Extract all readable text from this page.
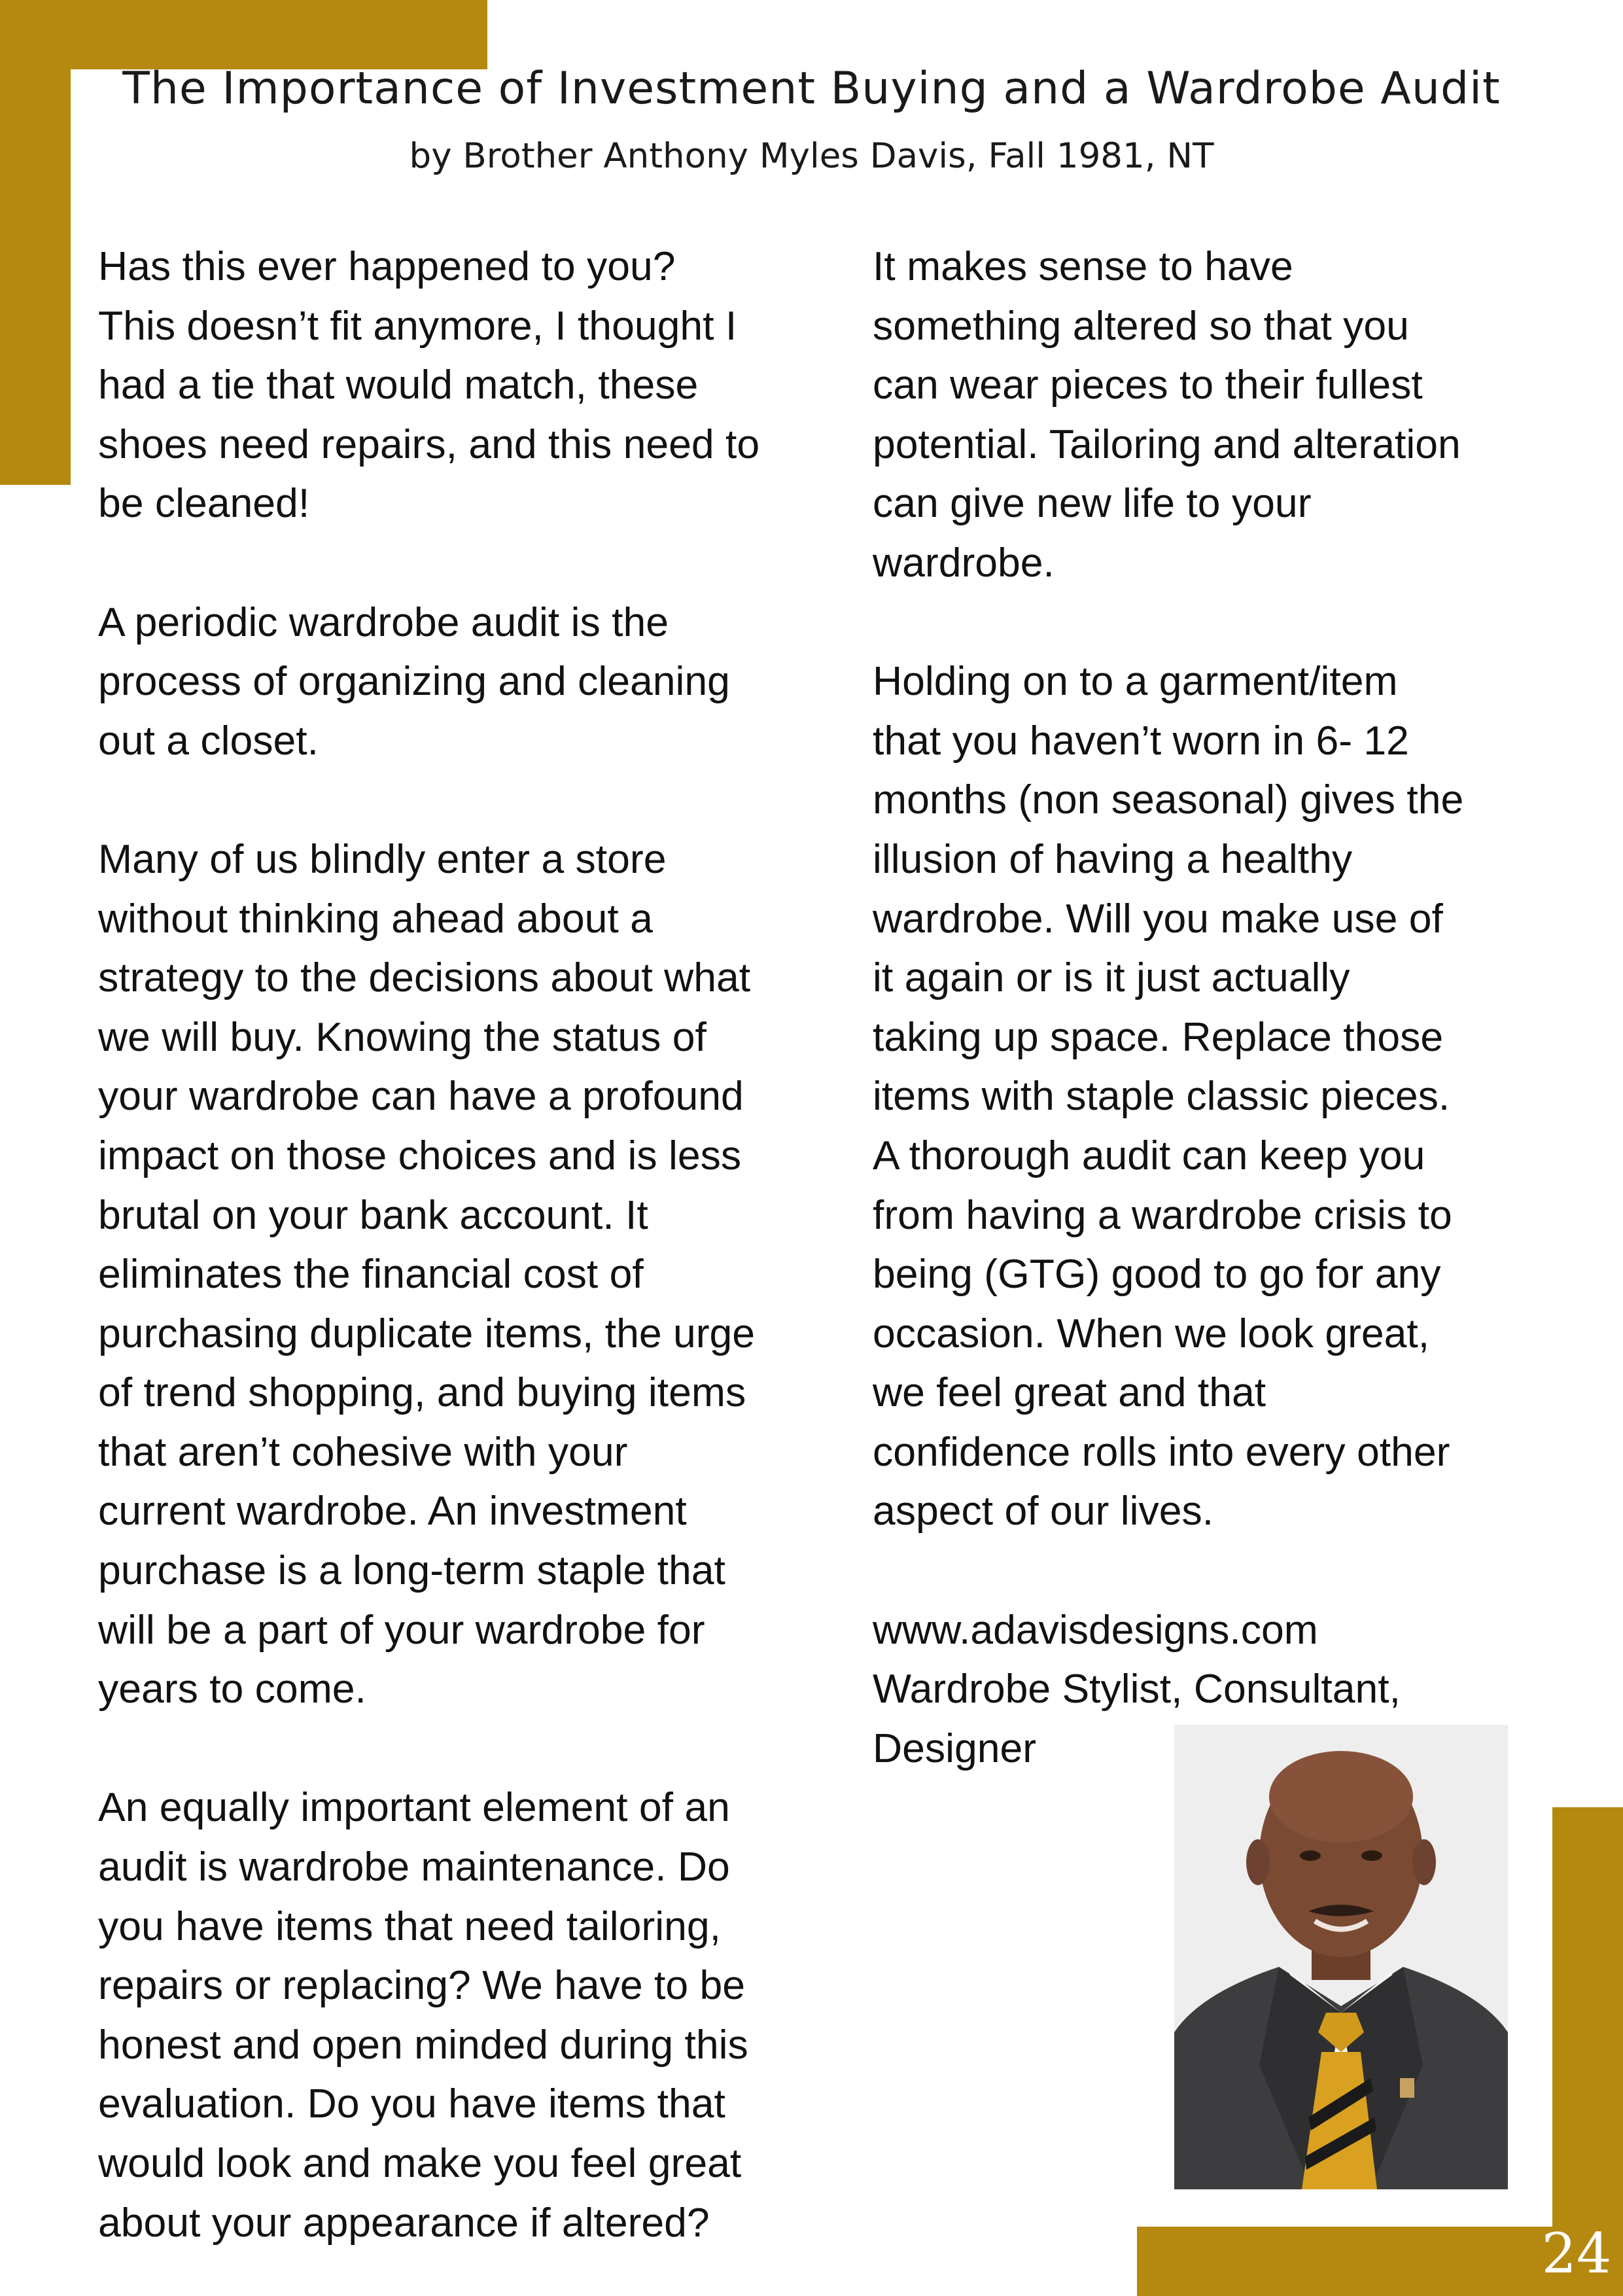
The Importance of Investment Buying and a Wardrobe Audit
by Brother Anthony Myles Davis, Fall 1981, NT

Has this ever happened to you?
This doesn’t fit anymore, I thought I
had a tie that would match, these
shoes need repairs, and this need to
be cleaned!

A periodic wardrobe audit is the
process of organizing and cleaning
out a closet.

Many of us blindly enter a store
without thinking ahead about a
strategy to the decisions about what
we will buy. Knowing the status of
your wardrobe can have a profound
impact on those choices and is less
brutal on your bank account. It
eliminates the financial cost of
purchasing duplicate items, the urge
of trend shopping, and buying items
that aren’t cohesive with your
current wardrobe. An investment
purchase is a long-term staple that
will be a part of your wardrobe for
years to come.

An equally important element of an
audit is wardrobe maintenance. Do
you have items that need tailoring,
repairs or replacing? We have to be
honest and open minded during this
evaluation. Do you have items that
would look and make you feel great
about your appearance if altered?

It makes sense to have
something altered so that you
can wear pieces to their fullest
potential. Tailoring and alteration
can give new life to your
wardrobe.

Holding on to a garment/item
that you haven’t worn in 6- 12
months (non seasonal) gives the
illusion of having a healthy
wardrobe. Will you make use of
it again or is it just actually
taking up space. Replace those
items with staple classic pieces.
A thorough audit can keep you
from having a wardrobe crisis to
being (GTG) good to go for any
occasion. When we look great,
we feel great and that
confidence rolls into every other
aspect of our lives.

www.adavisdesigns.com
Wardrobe Stylist, Consultant,
Designer
24
